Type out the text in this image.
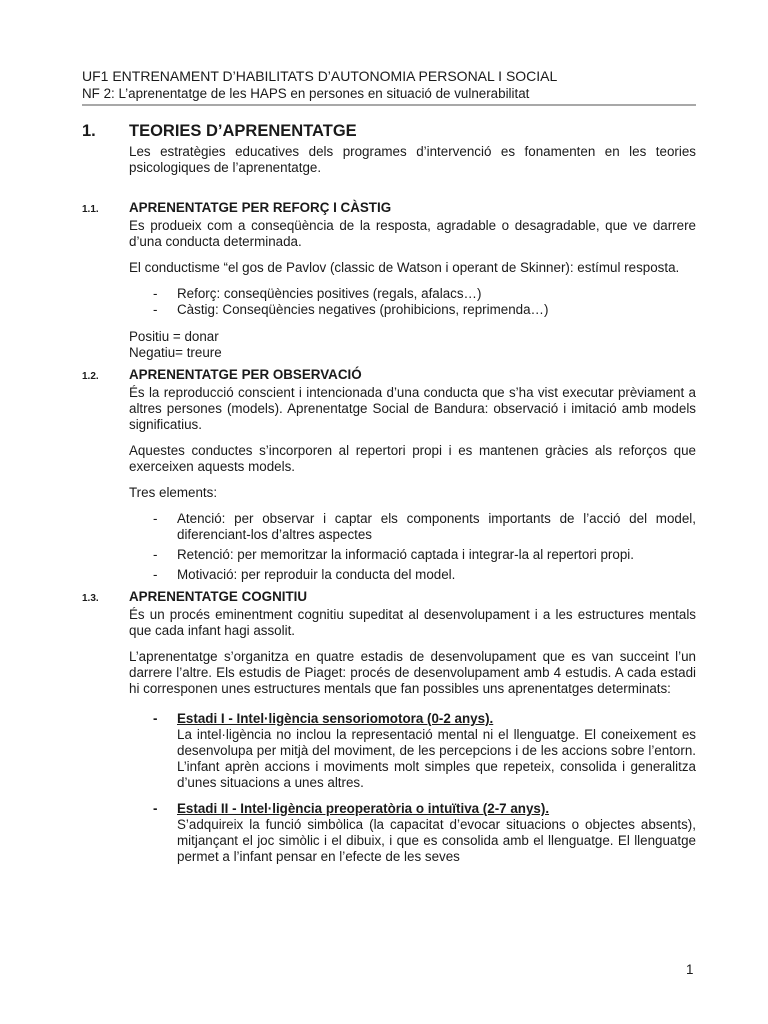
UF1 ENTRENAMENT D’HABILITATS D’AUTONOMIA PERSONAL I SOCIAL
NF 2: L’aprenentatge de les HAPS en persones en situació de vulnerabilitat
1.	TEORIES D’APRENENTATGE

Les estratègies educatives dels programes d’intervenció es fonamenten en les teories psicologiques de l’aprenentatge.

1.1.	APRENENTATGE PER REFORÇ I CÀSTIG

Es produeix com a conseqüència de la resposta, agradable o desagradable, que ve darrere d’una conducta determinada.

El conductisme “el gos de Pavlov (classic de Watson i operant de Skinner): estímul resposta.

-	Reforç: conseqüències positives (regals, afalacs…)
-	Càstig: Conseqüències negatives (prohibicions, reprimenda…)

Positiu = donar

Negatiu= treure

1.2.	APRENENTATGE PER OBSERVACIÓ

És la reproducció conscient i intencionada d’una conducta que s’ha vist executar prèviament a altres persones (models). Aprenentatge Social de Bandura: observació i imitació amb models significatius.

Aquestes conductes s’incorporen al repertori propi i es mantenen gràcies als reforços que exerceixen aquests models.

Tres elements:

-	Atenció: per observar i captar els components importants de l’acció del model, diferenciant-los d’altres aspectes
-	Retenció: per memoritzar la informació captada i integrar-la al repertori propi.
-	Motivació: per reproduir la conducta del model.
1.3.	APRENENTATGE COGNITIU

És un procés eminentment cognitiu supeditat al desenvolupament i a les estructures mentals que cada infant hagi assolit.

L’aprenentatge s’organitza en quatre estadis de desenvolupament que es van succeint l’un darrere l’altre. Els estudis de Piaget: procés de desenvolupament amb 4 estudis. A cada estadi hi corresponen unes estructures mentals que fan possibles uns aprenentatges determinats:

-	Estadi I - Intel·ligència sensoriomotora (0-2 anys).

La intel·ligència no inclou la representació mental ni el llenguatge. El coneixement es desenvolupa per mitjà del moviment, de les percepcions i de les accions sobre l’entorn. L’infant aprèn accions i moviments molt simples que repeteix, consolida i generalitza d’unes situacions a unes altres.

-	Estadi II - Intel·ligència preoperatòria o intuïtiva (2-7 anys).

S’adquireix la funció simbòlica (la capacitat d’evocar situacions o objectes absents), mitjançant el joc simòlic i el dibuix, i que es consolida amb el llenguatge. El llenguatge permet a l’infant pensar en l’efecte de les seves

1
